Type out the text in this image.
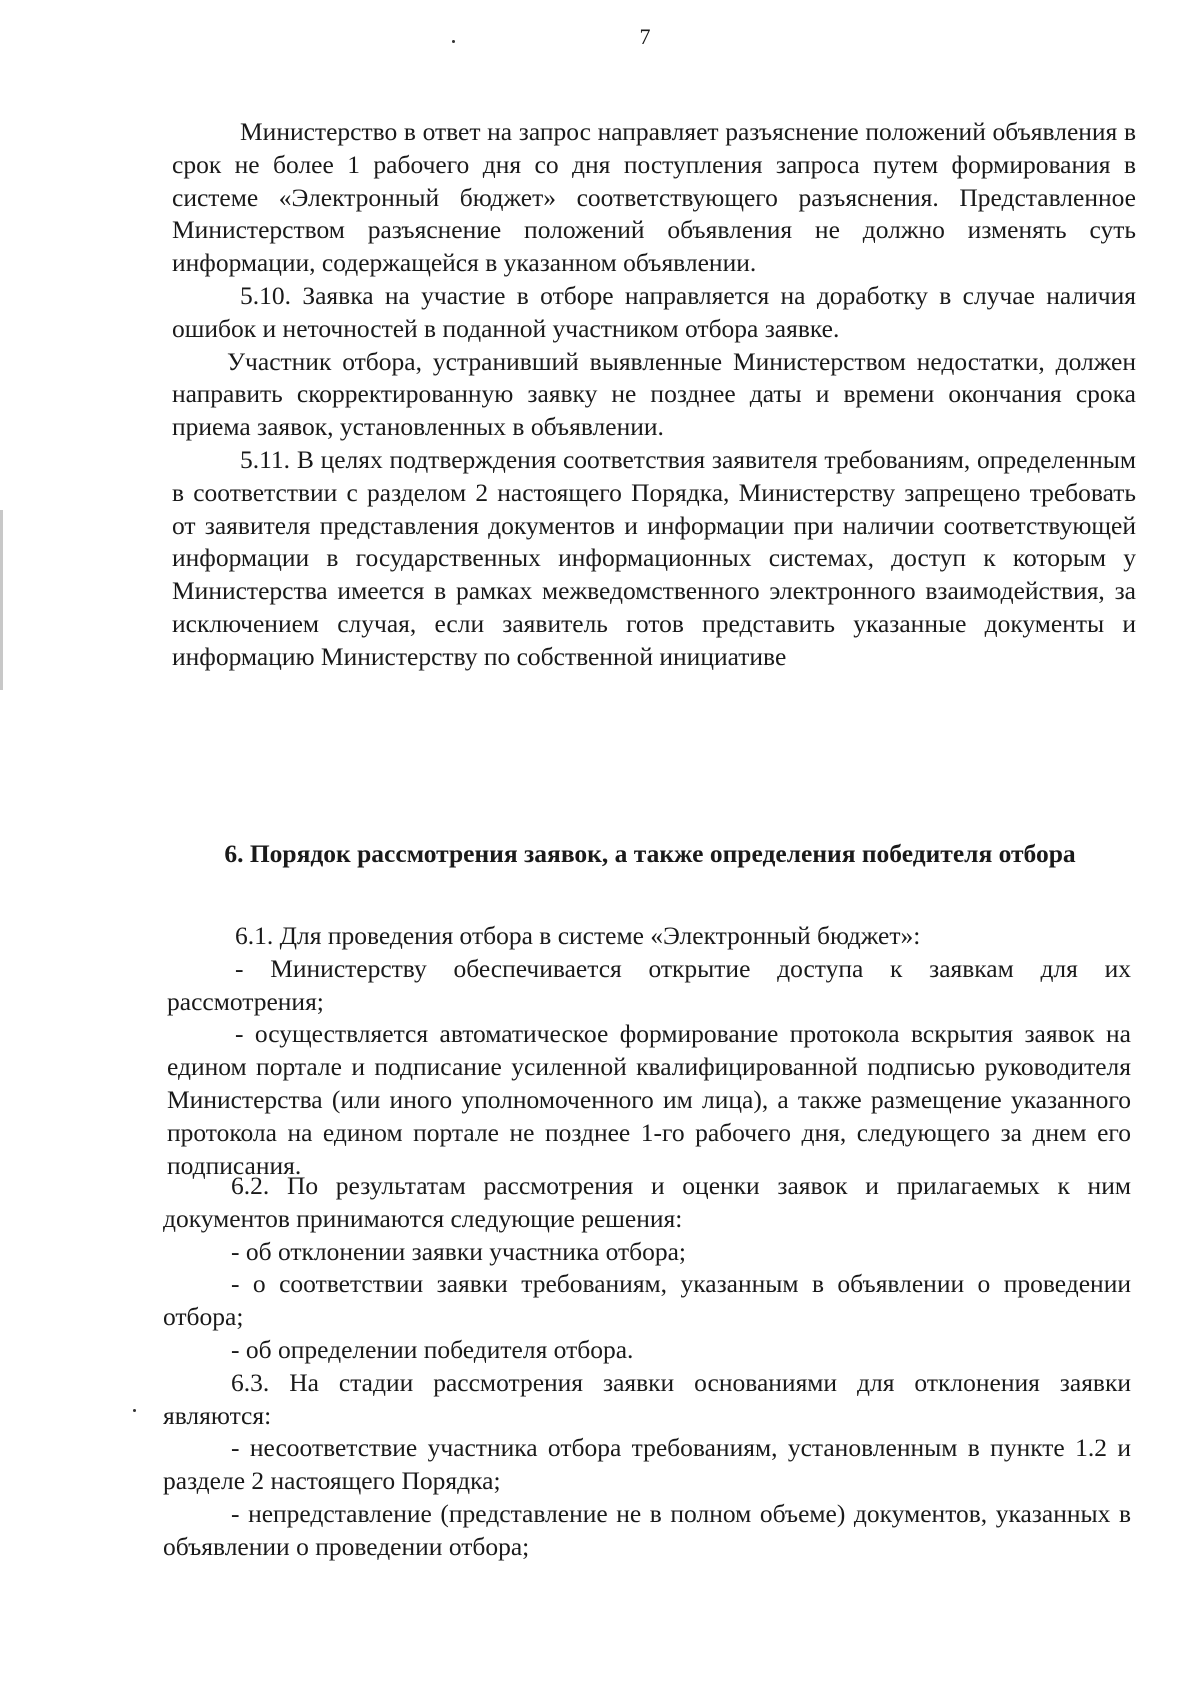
7

Министерство в ответ на запрос направляет разъяснение положений объявления в срок не более 1 рабочего дня со дня поступления запроса путем формирования в системе «Электронный бюджет» соответствующего разъяснения. Представленное Министерством разъяснение положений объявления не должно изменять суть информации, содержащейся в указанном объявлении.

5.10. Заявка на участие в отборе направляется на доработку в случае наличия ошибок и неточностей в поданной участником отбора заявке.

Участник отбора, устранивший выявленные Министерством недостатки, должен направить скорректированную заявку не позднее даты и времени окончания срока приема заявок, установленных в объявлении.

5.11. В целях подтверждения соответствия заявителя требованиям, определенным в соответствии с разделом 2 настоящего Порядка, Министерству запрещено требовать от заявителя представления документов и информации при наличии соответствующей информации в государственных информационных системах, доступ к которым у Министерства имеется в рамках межведомственного электронного взаимодействия, за исключением случая, если заявитель готов представить указанные документы и информацию Министерству по собственной инициативе

6. Порядок рассмотрения заявок, а также определения победителя отбора

6.1. Для проведения отбора в системе «Электронный бюджет»:

- Министерству обеспечивается открытие доступа к заявкам для их рассмотрения;

- осуществляется автоматическое формирование протокола вскрытия заявок на едином портале и подписание усиленной квалифицированной подписью руководителя Министерства (или иного уполномоченного им лица), а также размещение указанного протокола на едином портале не позднее 1-го рабочего дня, следующего за днем его подписания.

6.2. По результатам рассмотрения и оценки заявок и прилагаемых к ним документов принимаются следующие решения:

- об отклонении заявки участника отбора;

- о соответствии заявки требованиям, указанным в объявлении о проведении отбора;

- об определении победителя отбора.

6.3. На стадии рассмотрения заявки основаниями для отклонения заявки являются:

- несоответствие участника отбора требованиям, установленным в пункте 1.2 и разделе 2 настоящего Порядка;

- непредставление (представление не в полном объеме) документов, указанных в объявлении о проведении отбора;
